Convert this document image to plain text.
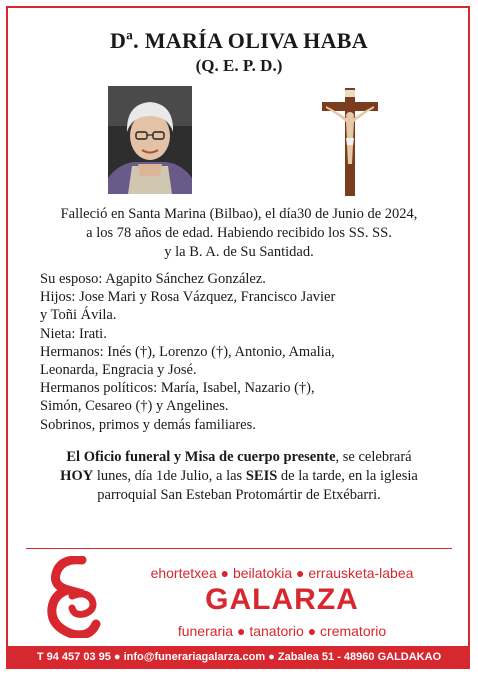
Dª. MARÍA OLIVA HABA
(Q. E. P. D.)
Falleció en Santa Marina (Bilbao), el día30 de Junio de 2024,
a los 78 años de edad. Habiendo recibido los SS. SS.
y la B. A. de Su Santidad.
Su esposo: Agapito Sánchez González.
Hijos: Jose Mari y Rosa Vázquez, Francisco Javier
y Toñi Ávila.
Nieta: Irati.
Hermanos: Inés (†), Lorenzo (†), Antonio, Amalia,
Leonarda, Engracia y José.
Hermanos políticos: María, Isabel, Nazario (†),
Simón, Cesareo (†) y Angelines.
Sobrinos, primos y demás familiares.
El Oficio funeral y Misa de cuerpo presente, se celebrará
HOY lunes, día 1de Julio, a las SEIS de la tarde, en la iglesia
parroquial San Esteban Protomártir de Etxébarri.
ehortetxea ● beilatokia ● errausketa-labea
GALARZA
funeraria ● tanatorio ● crematorio
T 94 457 03 95 ● info@funerariagalarza.com ● Zabalea 51 - 48960 GALDAKAO
